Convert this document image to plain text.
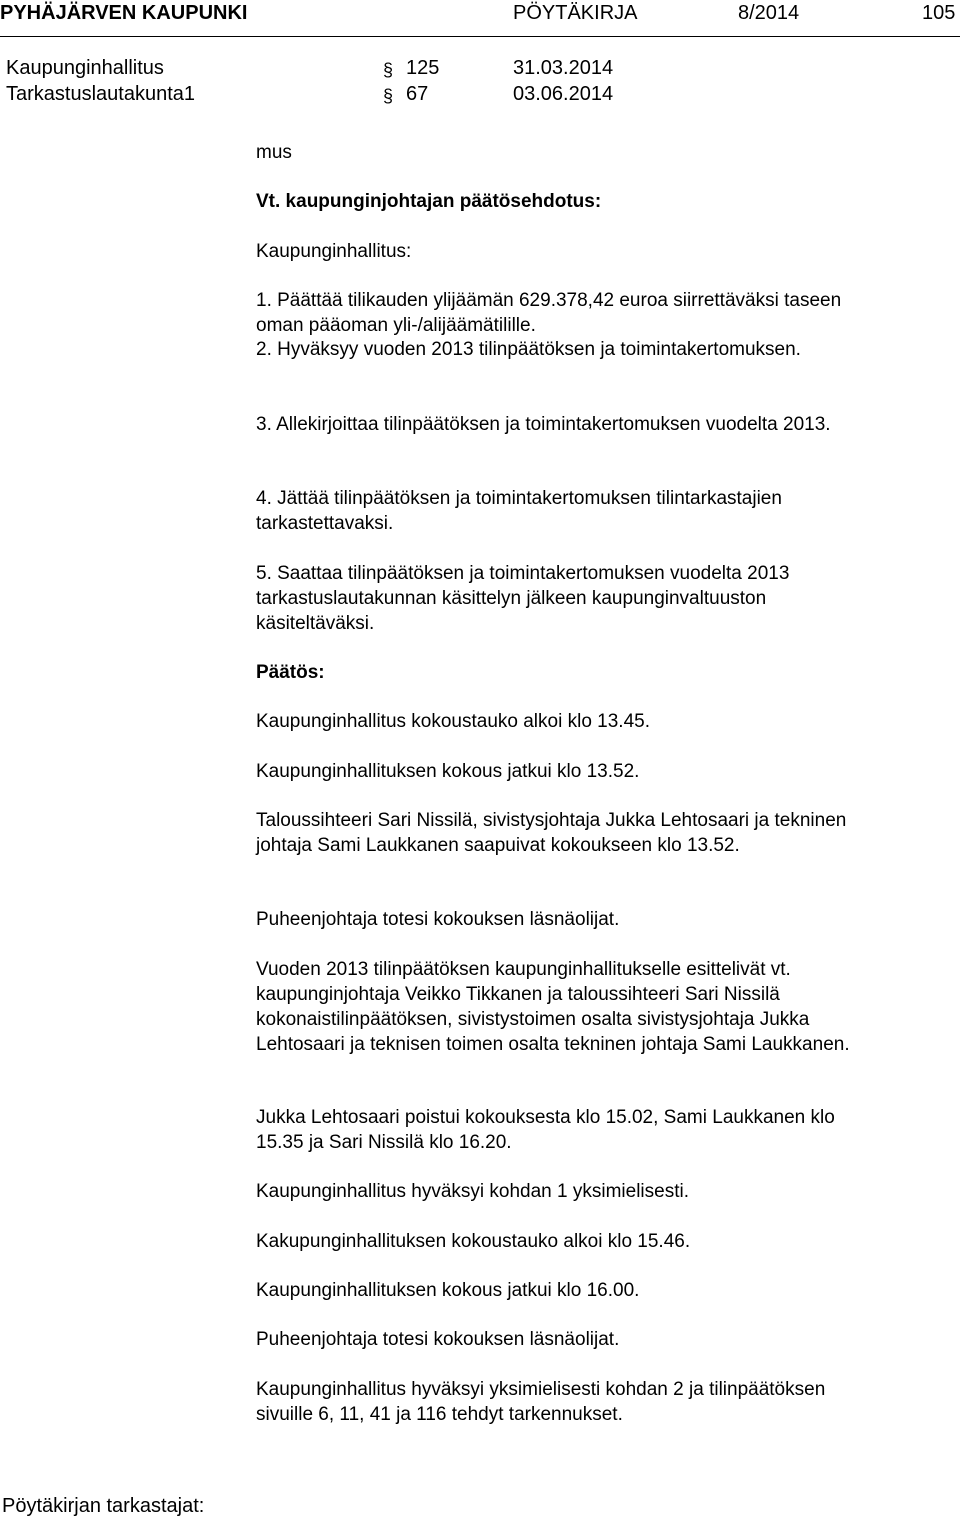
PYHÄJÄRVEN KAUPUNKI	PÖYTÄKIRJA	8/2014	105
Kaupunginhallitus	§ 125	31.03.2014
Tarkastuslautakunta1	§ 67	03.06.2014

mus

Vt. kaupunginjohtajan päätösehdotus:

Kaupunginhallitus:

1. Päättää tilikauden ylijäämän 629.378,42 euroa siirrettäväksi taseen oman pääoman yli-/alijäämätilille.

2. Hyväksyy vuoden 2013 tilinpäätöksen ja toimintakertomuksen.

3. Allekirjoittaa tilinpäätöksen ja toimintakertomuksen vuodelta 2013.

4. Jättää tilinpäätöksen ja toimintakertomuksen tilintarkastajien tarkastettavaksi.

5. Saattaa tilinpäätöksen ja toimintakertomuksen vuodelta 2013 tarkastuslautakunnan käsittelyn jälkeen kaupunginvaltuuston käsiteltäväksi.

Päätös:

Kaupunginhallitus kokoustauko alkoi klo 13.45.

Kaupunginhallituksen kokous jatkui klo 13.52.

Taloussihteeri Sari Nissilä, sivistysjohtaja Jukka Lehtosaari ja tekninen johtaja Sami Laukkanen saapuivat kokoukseen klo 13.52.

Puheenjohtaja totesi kokouksen läsnäolijat.

Vuoden 2013 tilinpäätöksen kaupunginhallitukselle esittelivät vt. kaupunginjohtaja Veikko Tikkanen ja taloussihteeri Sari Nissilä kokonaistilinpäätöksen, sivistystoimen osalta sivistysjohtaja Jukka Lehtosaari ja teknisen toimen osalta tekninen johtaja Sami Laukkanen.

Jukka Lehtosaari poistui kokouksesta klo 15.02, Sami Laukkanen klo 15.35 ja Sari Nissilä klo 16.20.

Kaupunginhallitus hyväksyi kohdan 1 yksimielisesti.

Kakupunginhallituksen kokoustauko alkoi klo 15.46.

Kaupunginhallituksen kokous jatkui klo 16.00.

Puheenjohtaja totesi kokouksen läsnäolijat.

Kaupunginhallitus hyväksyi yksimielisesti kohdan 2 ja tilinpäätöksen sivuille 6, 11, 41 ja 116 tehdyt tarkennukset.

Pöytäkirjan tarkastajat:
